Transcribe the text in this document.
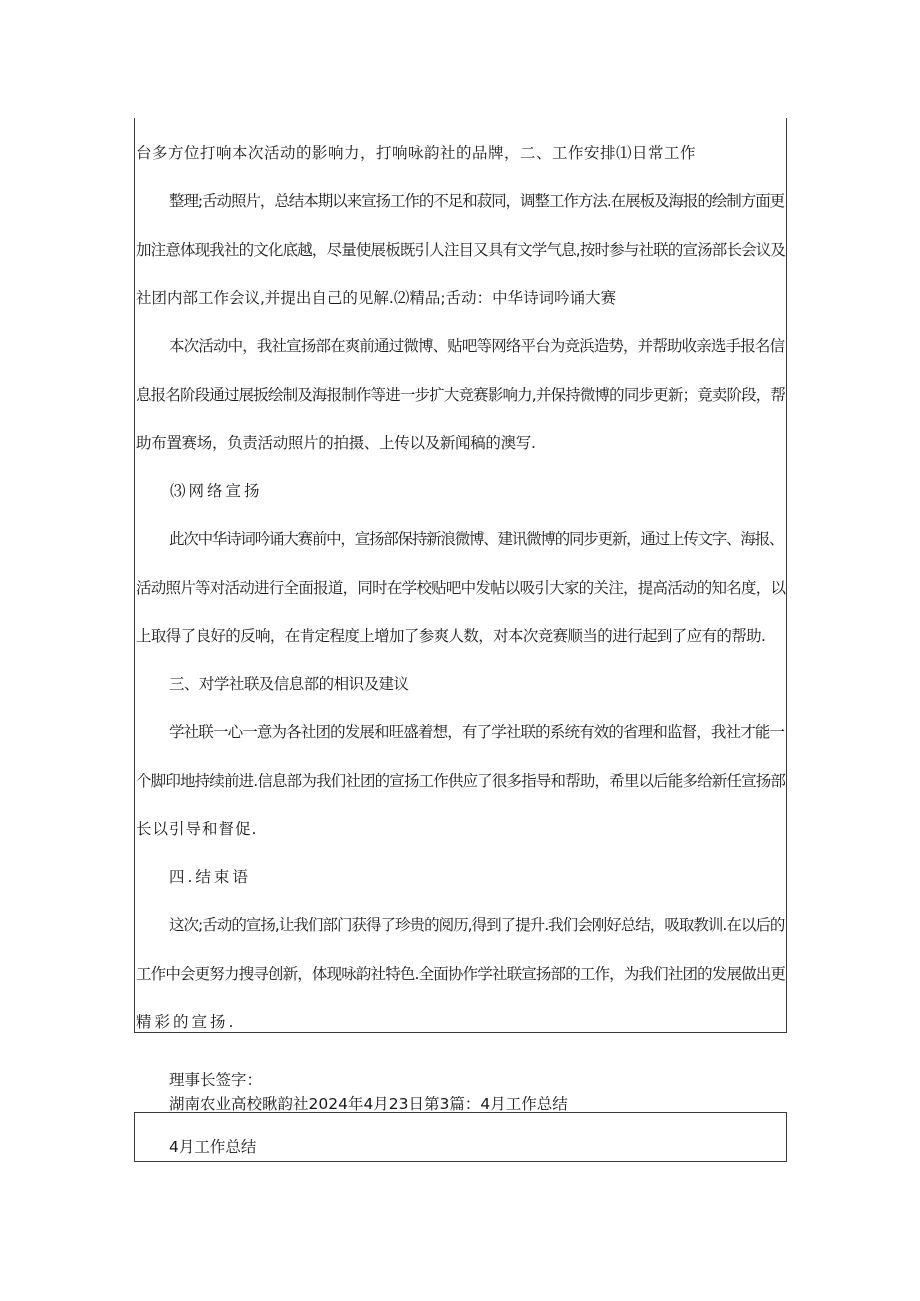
台多方位打响本次活动的影响力，打响咏韵社的品牌，二、工作安排⑴日常工作
整理;舌动照片，总结本期以来宣扬工作的不足和菽同，调整工作方法.在展板及海报的绘制方面更
加注意体现我社的文化底越，尽量使展板既引人注目又具有文学气息,按时参与社联的宣汤部长会议及
社团内部工作会议,并提出自己的见解.⑵精品;舌动：中华诗词吟诵大赛
本次活动中，我社宣扬部在爽前通过微博、贴吧等网络平台为竞浜造势，并帮助收亲选手报名信
息报名阶段通过展扳绘制及海报制作等进一步扩大竞赛影响力,并保持微博的同步更新；竟卖阶段，帮
助布置赛场，负责活动照片的拍摄、上传以及新闻稿的澳写.
⑶网络宣扬
此次中华诗词吟诵大赛前中，宣扬部保持新浪微博、建讯微博的同步更新，通过上传文字、海报、
活动照片等对活动进行全面报道，同时在学校贴吧中发帖以吸引大家的关注，提高活动的知名度，以
上取得了良好的反响，在肯定程度上增加了参爽人数，对本次竞赛顺当的进行起到了应有的帮助.
三、对学社联及信息部的相识及建议
学社联一心一意为各社团的发展和旺盛着想，有了学社联的系统有效的省理和监督，我社才能一
个脚印地持续前进.信息部为我们社团的宣扬工作供应了很多指导和帮助，希里以后能多给新任宣扬部
长以引导和督促.
四.结束语
这次;舌动的宣扬,让我们部门获得了珍贵的阅历,得到了提升.我们会刚好总结，吸取教训.在以后的
工作中会更努力搜寻创新，体现咏韵社特色.全面协作学社联宣扬部的工作，为我们社团的发展做出更
精彩的宣扬.
理事长签字：
湖南农业高校瞅韵社2024年4月23日第3篇：4月工作总结
4月工作总结
